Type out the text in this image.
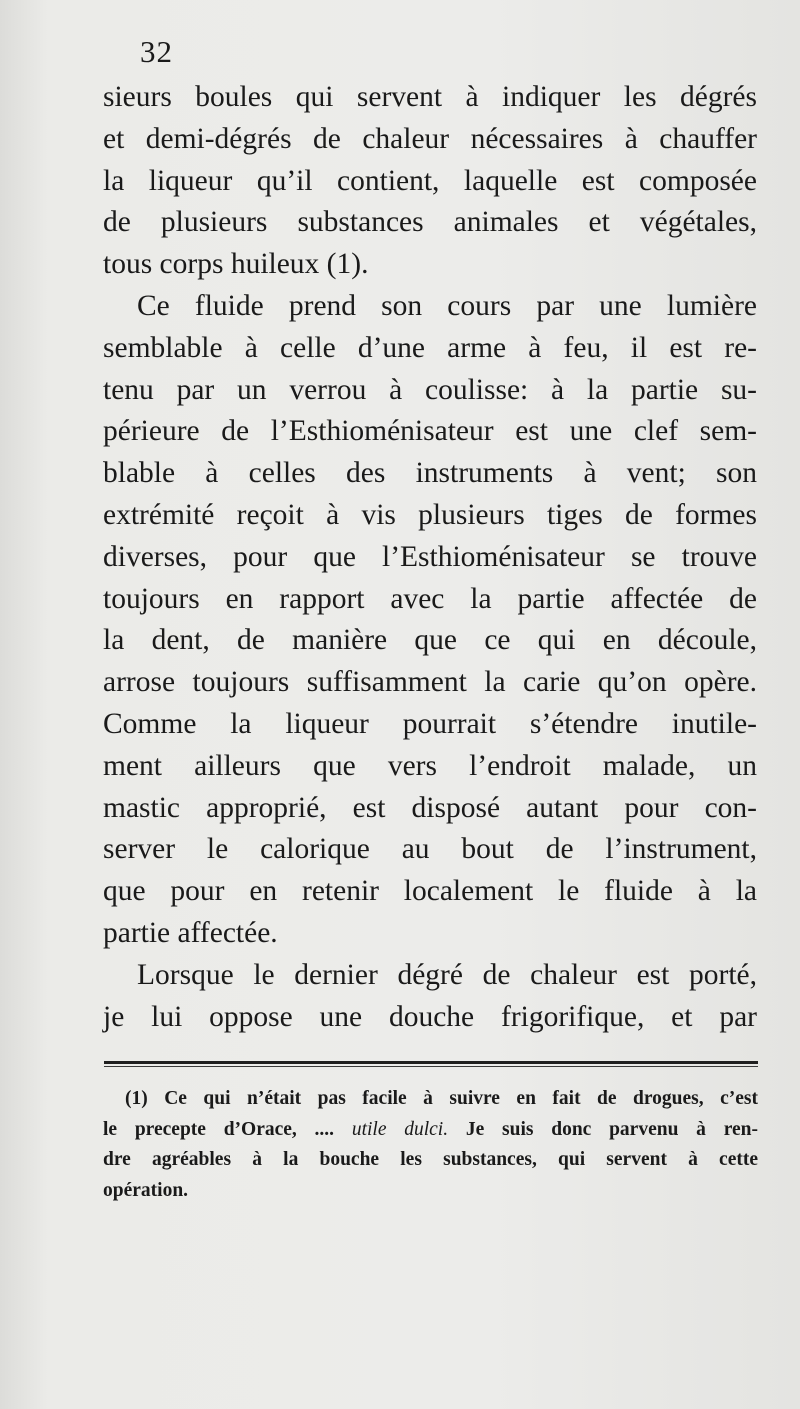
32
sieurs boules qui servent à indiquer les dégrés
et demi-dégrés de chaleur nécessaires à chauffer
la liqueur qu’il contient, laquelle est composée
de plusieurs substances animales et végétales,
tous corps huileux (1).
Ce fluide prend son cours par une lumière
semblable à celle d’une arme à feu, il est re-
tenu par un verrou à coulisse: à la partie su-
périeure de l’Esthioménisateur est une clef sem-
blable à celles des instruments à vent; son
extrémité reçoit à vis plusieurs tiges de formes
diverses, pour que l’Esthioménisateur se trouve
toujours en rapport avec la partie affectée de
la dent, de manière que ce qui en découle,
arrose toujours suffisamment la carie qu’on opère.
Comme la liqueur pourrait s’étendre inutile-
ment ailleurs que vers l’endroit malade, un
mastic approprié, est disposé autant pour con-
server le calorique au bout de l’instrument,
que pour en retenir localement le fluide à la
partie affectée.
Lorsque le dernier dégré de chaleur est porté,
je lui oppose une douche frigorifique, et par
(1) Ce qui n’était pas facile à suivre en fait de drogues, c’est
le precepte d’Orace, .... utile dulci. Je suis donc parvenu à ren-
dre agréables à la bouche les substances, qui servent à cette
opération.
